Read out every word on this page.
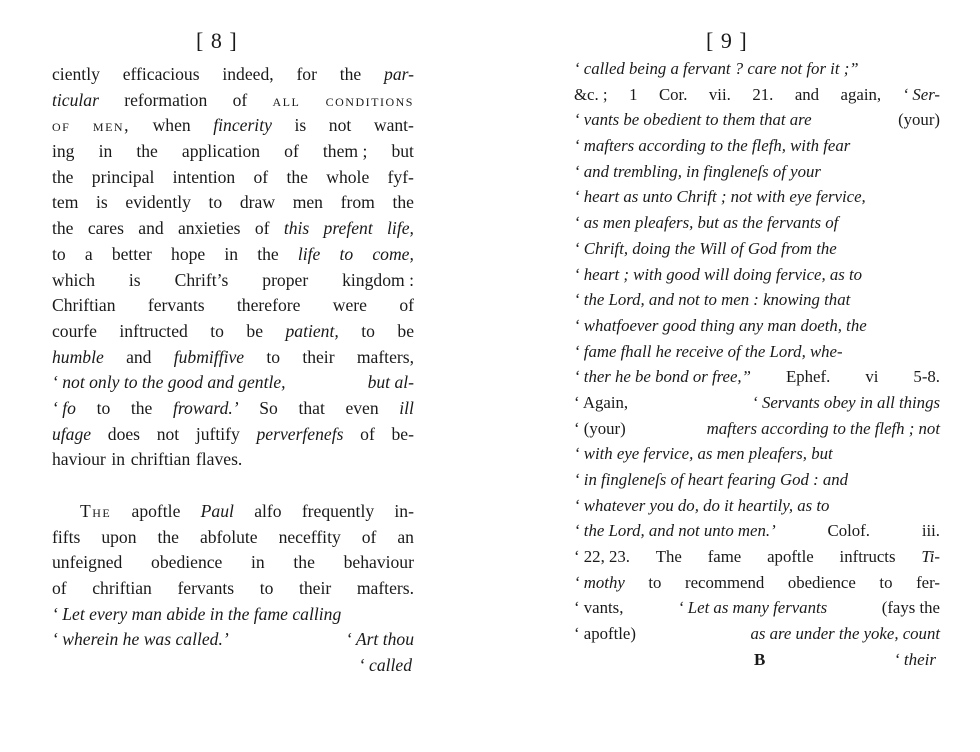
[ 8 ]
ciently efficacious indeed, for the par-
ticular reformation of all conditions
of men, when fincerity is not want-
ing in the application of them ; but
the principal intention of the whole fyf-
tem is evidently to draw men from the
the cares and anxieties of this prefent life,
to a better hope in the life to come,
which is Chrift’s proper kingdom :
Chriftian fervants therefore were of
courfe inftructed to be patient, to be
humble and fubmiffive to their mafters,
‘ not only to the good and gentle,	but al-
‘ fo to the froward.’ So that even ill
ufage does not juftify perverfenefs of be-
haviour in chriftian flaves.
The apoftle Paul alfo frequently in-
fifts upon the abfolute neceffity of an
unfeigned obedience in the behaviour
of chriftian fervants to their mafters.
‘ Let every man abide in the fame calling
‘ wherein he was called.’	‘ Art thou
‘ called
[ 9 ]
‘ called being a fervant ? care not for it ;”
&c. ; 1 Cor. vii. 21. and again, ‘ Ser-
‘ vants be obedient to them that are	(your)
‘ mafters according to the flefh, with fear
‘ and trembling, in fingleneſs of your
‘ heart as unto Chrift ; not with eye fervice,
‘ as men pleafers, but as the fervants of
‘ Chrift, doing the Will of God from the
‘ heart ; with good will doing fervice, as to
‘ the Lord, and not to men : knowing that
‘ whatfoever good thing any man doeth, the
‘ fame fhall he receive of the Lord, whe-
‘ ther he be bond or free,” Ephef. vi 5-8.
‘ Again,	‘ Servants obey in all things
‘ (your)	mafters according to the flefh ; not
‘ with eye fervice, as men pleafers, but
‘ in fingleneſs of heart fearing God : and
‘ whatever you do, do it heartily, as to
‘ the Lord, and not unto men.’	Colof.	iii.
‘ 22, 23. The fame apoftle inftructs Ti-
‘ mothy to recommend obedience to fer-
‘ vants,	‘ Let as many fervants	(fays the
‘ apoftle)	as are under the yoke, count
B	‘ their
